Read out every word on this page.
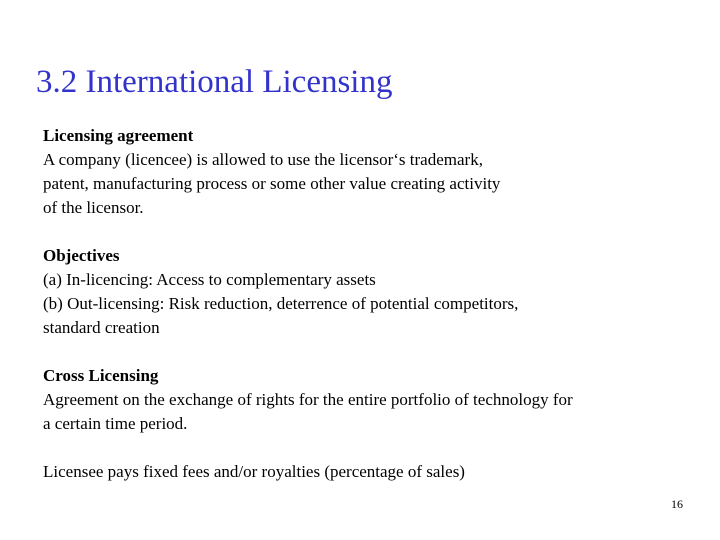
3.2 International Licensing
Licensing agreement
A company (licencee) is allowed to use the licensor‘s trademark,
patent, manufacturing process or some other value creating activity
of the licensor.
Objectives
(a) In-licencing: Access to complementary assets
(b) Out-licensing: Risk reduction, deterrence of potential competitors,
standard creation
Cross Licensing
Agreement on the exchange of rights for the entire portfolio of technology for
a certain time period.
Licensee pays fixed fees and/or royalties (percentage of sales)
16
